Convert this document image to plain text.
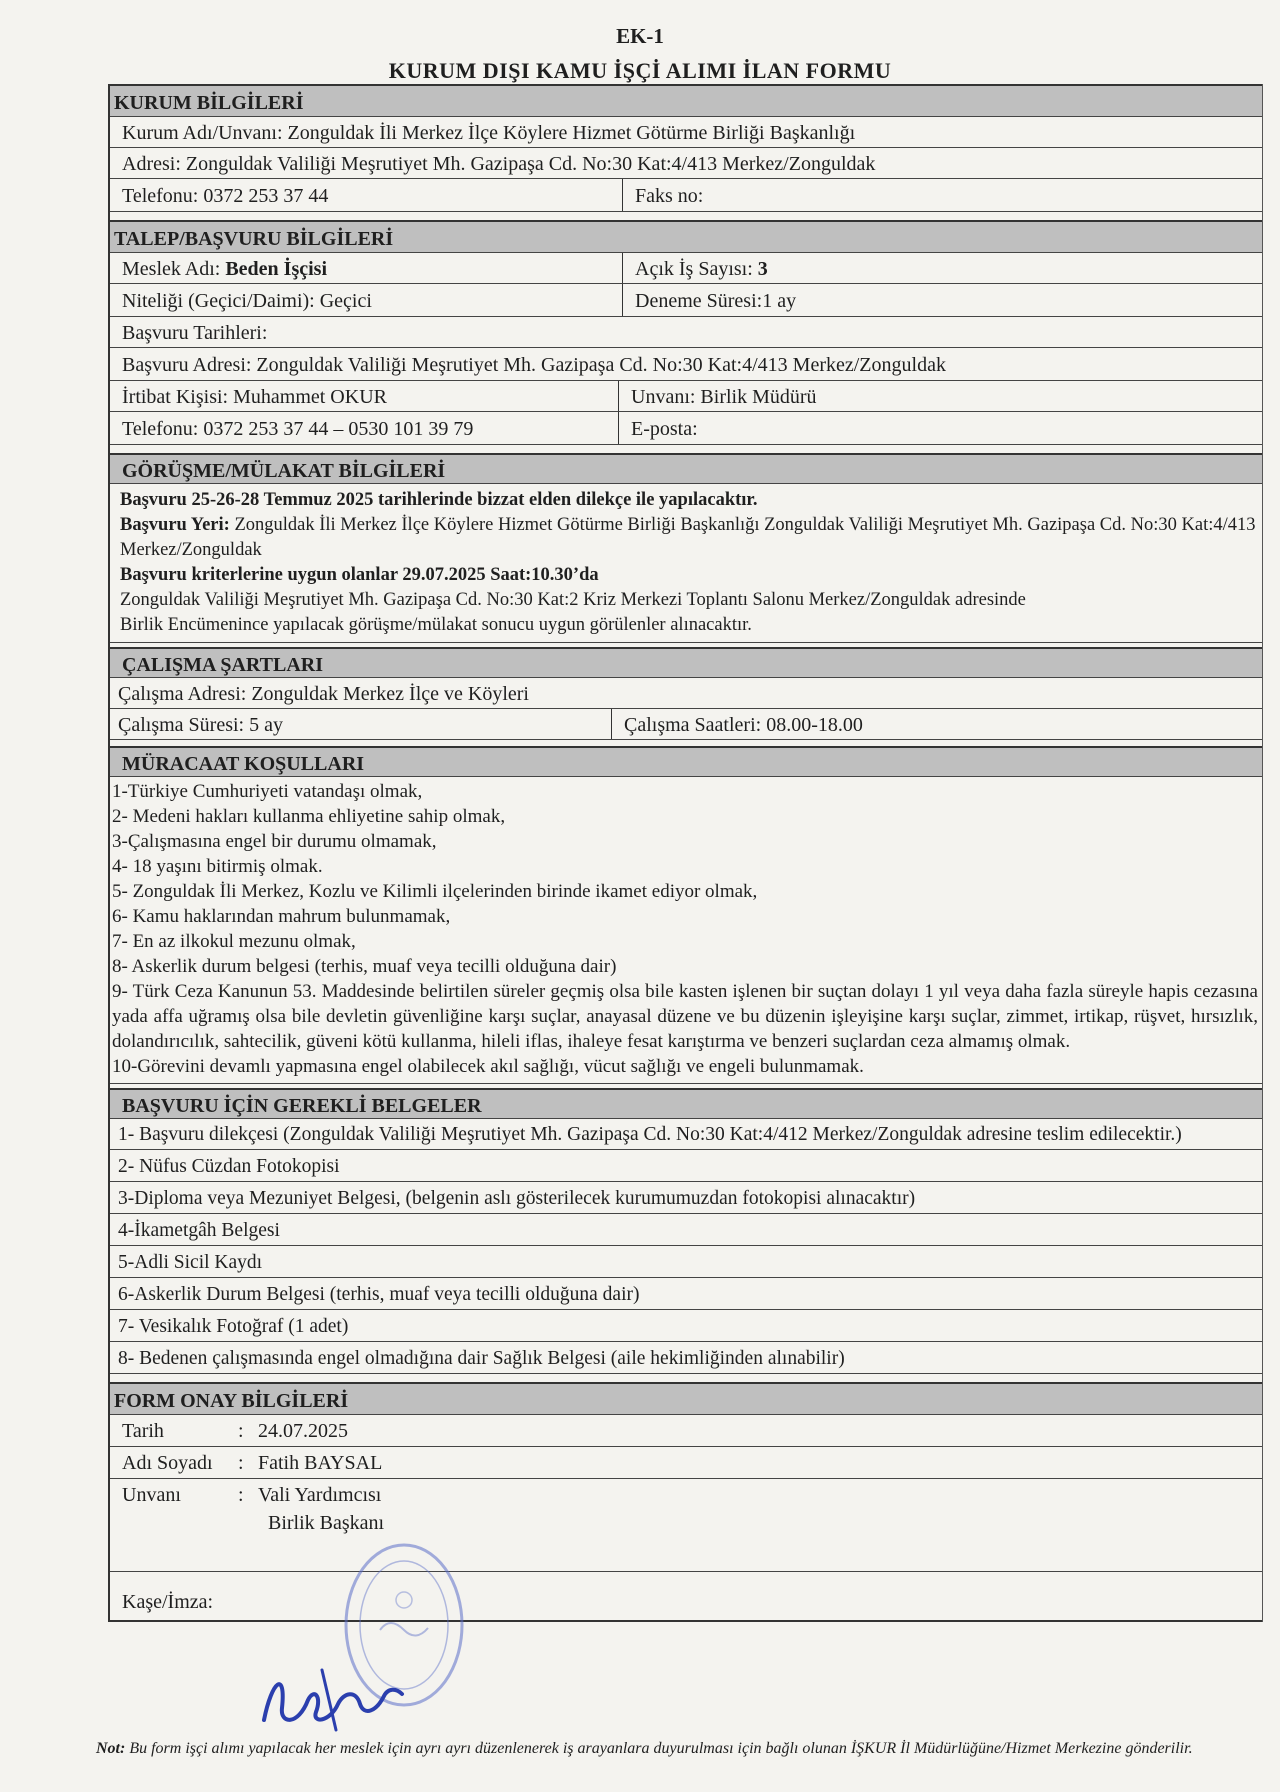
EK-1
KURUM DIŞI KAMU İŞÇİ ALIMI İLAN FORMU
KURUM BİLGİLERİ
Kurum Adı/Unvanı: Zonguldak İli Merkez İlçe Köylere Hizmet Götürme Birliği Başkanlığı
Adresi: Zonguldak Valiliği Meşrutiyet Mh. Gazipaşa Cd. No:30 Kat:4/413 Merkez/Zonguldak
Telefonu: 0372 253 37 44	Faks no:
TALEP/BAŞVURU BİLGİLERİ
Meslek Adı: Beden İşçisi	Açık İş Sayısı: 3
Niteliği (Geçici/Daimi): Geçici	Deneme Süresi:1 ay
Başvuru Tarihleri:
Başvuru Adresi: Zonguldak Valiliği Meşrutiyet Mh. Gazipaşa Cd. No:30 Kat:4/413 Merkez/Zonguldak
İrtibat Kişisi: Muhammet OKUR	Unvanı: Birlik Müdürü
Telefonu: 0372 253 37 44 – 0530 101 39 79	E-posta:
GÖRÜŞME/MÜLAKAT BİLGİLERİ
Başvuru 25-26-28 Temmuz 2025 tarihlerinde bizzat elden dilekçe ile yapılacaktır.
Başvuru Yeri: Zonguldak İli Merkez İlçe Köylere Hizmet Götürme Birliği Başkanlığı Zonguldak Valiliği Meşrutiyet Mh. Gazipaşa Cd. No:30 Kat:4/413 Merkez/Zonguldak
Başvuru kriterlerine uygun olanlar 29.07.2025 Saat:10.30’da
Zonguldak Valiliği Meşrutiyet Mh. Gazipaşa Cd. No:30 Kat:2 Kriz Merkezi Toplantı Salonu Merkez/Zonguldak adresinde
Birlik Encümenince yapılacak görüşme/mülakat sonucu uygun görülenler alınacaktır.
ÇALIŞMA ŞARTLARI
Çalışma Adresi: Zonguldak Merkez İlçe ve Köyleri
Çalışma Süresi: 5 ay	Çalışma Saatleri: 08.00-18.00
MÜRACAAT KOŞULLARI
1-Türkiye Cumhuriyeti vatandaşı olmak,
2- Medeni hakları kullanma ehliyetine sahip olmak,
3-Çalışmasına engel bir durumu olmamak,
4- 18 yaşını bitirmiş olmak.
5- Zonguldak İli Merkez, Kozlu ve Kilimli ilçelerinden birinde ikamet ediyor olmak,
6- Kamu haklarından mahrum bulunmamak,
7- En az ilkokul mezunu olmak,
8- Askerlik durum belgesi (terhis, muaf veya tecilli olduğuna dair)
9- Türk Ceza Kanunun 53. Maddesinde belirtilen süreler geçmiş olsa bile kasten işlenen bir suçtan dolayı 1 yıl veya daha fazla süreyle hapis cezasına yada affa uğramış olsa bile devletin güvenliğine karşı suçlar, anayasal düzene ve bu düzenin işleyişine karşı suçlar, zimmet, irtikap, rüşvet, hırsızlık, dolandırıcılık, sahtecilik, güveni kötü kullanma, hileli iflas, ihaleye fesat karıştırma ve benzeri suçlardan ceza almamış olmak.
10-Görevini devamlı yapmasına engel olabilecek akıl sağlığı, vücut sağlığı ve engeli bulunmamak.
BAŞVURU İÇİN GEREKLİ BELGELER
1- Başvuru dilekçesi (Zonguldak Valiliği Meşrutiyet Mh. Gazipaşa Cd. No:30 Kat:4/412 Merkez/Zonguldak adresine teslim edilecektir.)
2- Nüfus Cüzdan Fotokopisi
3-Diploma veya Mezuniyet Belgesi, (belgenin aslı gösterilecek kurumumuzdan fotokopisi alınacaktır)
4-İkametgâh Belgesi
5-Adli Sicil Kaydı
6-Askerlik Durum Belgesi (terhis, muaf veya tecilli olduğuna dair)
7- Vesikalık Fotoğraf (1 adet)
8- Bedenen çalışmasında engel olmadığına dair Sağlık Belgesi (aile hekimliğinden alınabilir)
FORM ONAY BİLGİLERİ
Tarih	: 24.07.2025
Adı Soyadı	: Fatih BAYSAL
Unvanı	: Vali Yardımcısı
Birlik Başkanı
Kaşe/İmza:
Not: Bu form işçi alımı yapılacak her meslek için ayrı ayrı düzenlenerek iş arayanlara duyurulması için bağlı olunan İŞKUR İl Müdürlüğüne/Hizmet Merkezine gönderilir.
